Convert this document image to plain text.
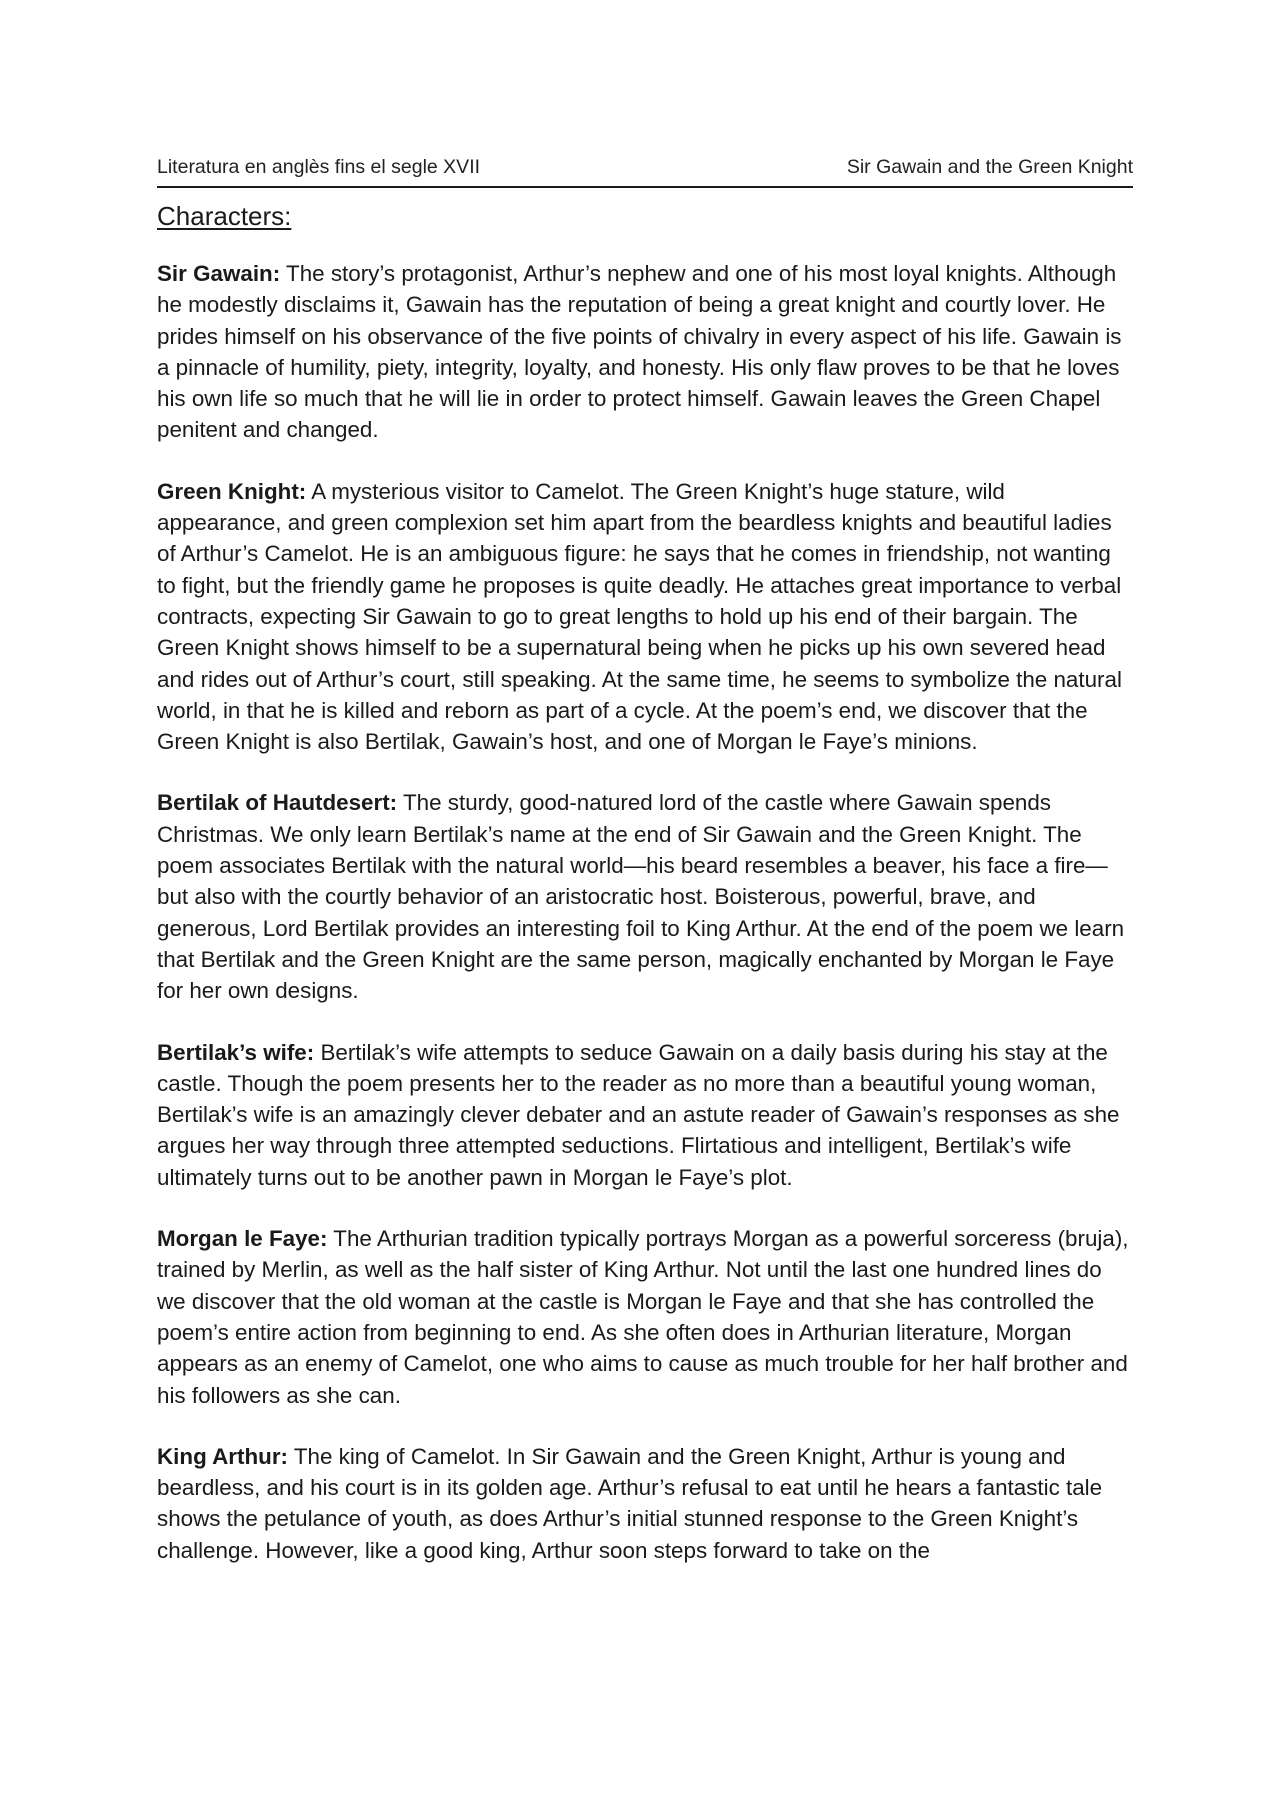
Literatura en anglès fins el segle XVII	Sir Gawain and the Green Knight
Characters:

Sir Gawain: The story’s protagonist, Arthur’s nephew and one of his most loyal knights. Although he modestly disclaims it, Gawain has the reputation of being a great knight and courtly lover. He prides himself on his observance of the five points of chivalry in every aspect of his life. Gawain is a pinnacle of humility, piety, integrity, loyalty, and honesty. His only flaw proves to be that he loves his own life so much that he will lie in order to protect himself. Gawain leaves the Green Chapel penitent and changed.

Green Knight: A mysterious visitor to Camelot. The Green Knight’s huge stature, wild appearance, and green complexion set him apart from the beardless knights and beautiful ladies of Arthur’s Camelot. He is an ambiguous figure: he says that he comes in friendship, not wanting to fight, but the friendly game he proposes is quite deadly. He attaches great importance to verbal contracts, expecting Sir Gawain to go to great lengths to hold up his end of their bargain. The Green Knight shows himself to be a supernatural being when he picks up his own severed head and rides out of Arthur’s court, still speaking. At the same time, he seems to symbolize the natural world, in that he is killed and reborn as part of a cycle. At the poem’s end, we discover that the Green Knight is also Bertilak, Gawain’s host, and one of Morgan le Faye’s minions.

Bertilak of Hautdesert: The sturdy, good-natured lord of the castle where Gawain spends Christmas. We only learn Bertilak’s name at the end of Sir Gawain and the Green Knight. The poem associates Bertilak with the natural world—his beard resembles a beaver, his face a fire—but also with the courtly behavior of an aristocratic host. Boisterous, powerful, brave, and generous, Lord Bertilak provides an interesting foil to King Arthur. At the end of the poem we learn that Bertilak and the Green Knight are the same person, magically enchanted by Morgan le Faye for her own designs.

Bertilak’s wife: Bertilak’s wife attempts to seduce Gawain on a daily basis during his stay at the castle. Though the poem presents her to the reader as no more than a beautiful young woman, Bertilak’s wife is an amazingly clever debater and an astute reader of Gawain’s responses as she argues her way through three attempted seductions. Flirtatious and intelligent, Bertilak’s wife ultimately turns out to be another pawn in Morgan le Faye’s plot.

Morgan le Faye: The Arthurian tradition typically portrays Morgan as a powerful sorceress (bruja), trained by Merlin, as well as the half sister of King Arthur. Not until the last one hundred lines do we discover that the old woman at the castle is Morgan le Faye and that she has controlled the poem’s entire action from beginning to end. As she often does in Arthurian literature, Morgan appears as an enemy of Camelot, one who aims to cause as much trouble for her half brother and his followers as she can.

King Arthur: The king of Camelot. In Sir Gawain and the Green Knight, Arthur is young and beardless, and his court is in its golden age. Arthur’s refusal to eat until he hears a fantastic tale shows the petulance of youth, as does Arthur’s initial stunned response to the Green Knight’s challenge. However, like a good king, Arthur soon steps forward to take on the
